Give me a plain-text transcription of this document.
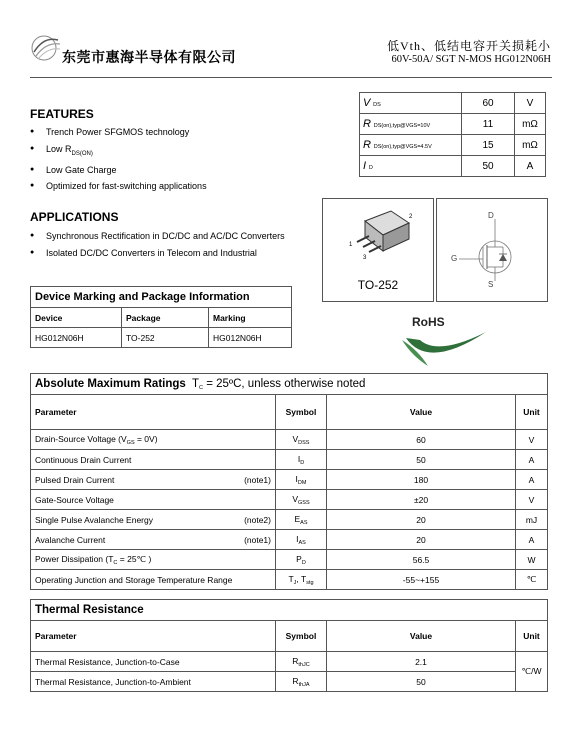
东莞市惠海半导体有限公司
低Vth、低结电容开关损耗小
60V-50A/ SGT N-MOS HG012N06H
V DS	60	V
R DS(on),typ@VGS=10V	11	mΩ
R DS(on),typ@VGS=4.5V	15	mΩ
I D	50	A
FEATURES
● Trench Power SFGMOS technology
● Low $R_{DS(ON)}$
● Low Gate Charge
● Optimized for fast-switching applications
APPLICATIONS
● Synchronous Rectification in DC/DC and AC/DC Converters
● Isolated DC/DC Converters in Telecom and Industrial
1
2
3
TO-252
D
G
S
Device Marking and Package Information		
Device	Package	Marking
HG012N06H	TO-252	HG012N06H
RoHS
Absolute Maximum Ratings TC = 25ºC, unless otherwise noted			
Parameter	Symbol	Value	Unit
Drain-Source Voltage $(V_{GS} = 0V)$	$V_{DSS}$	60	V
Continuous Drain Current	$I_D$	50	A
Pulsed Drain Current (note1)	$I_{DM}$	180	A
Gate-Source Voltage	$V_{GSS}$	±20	V
Single Pulse Avalanche Energy (note2)	$E_{AS}$	20	mJ
Avalanche Current (note1)	$I_{AS}$	20	A
Power Dissipation ($T_C$ = 25℃ )	$P_D$	56.5	W
Operating Junction and Storage Temperature Range	$T_J$, $T_{stg}$	-55~+155	℃
Thermal Resistance			
Parameter	Symbol	Value	Unit
Thermal Resistance, Junction-to-Case	$R_{thJC}$	2.1	℃/W
Thermal Resistance, Junction-to-Ambient	$R_{thJA}$	50	
